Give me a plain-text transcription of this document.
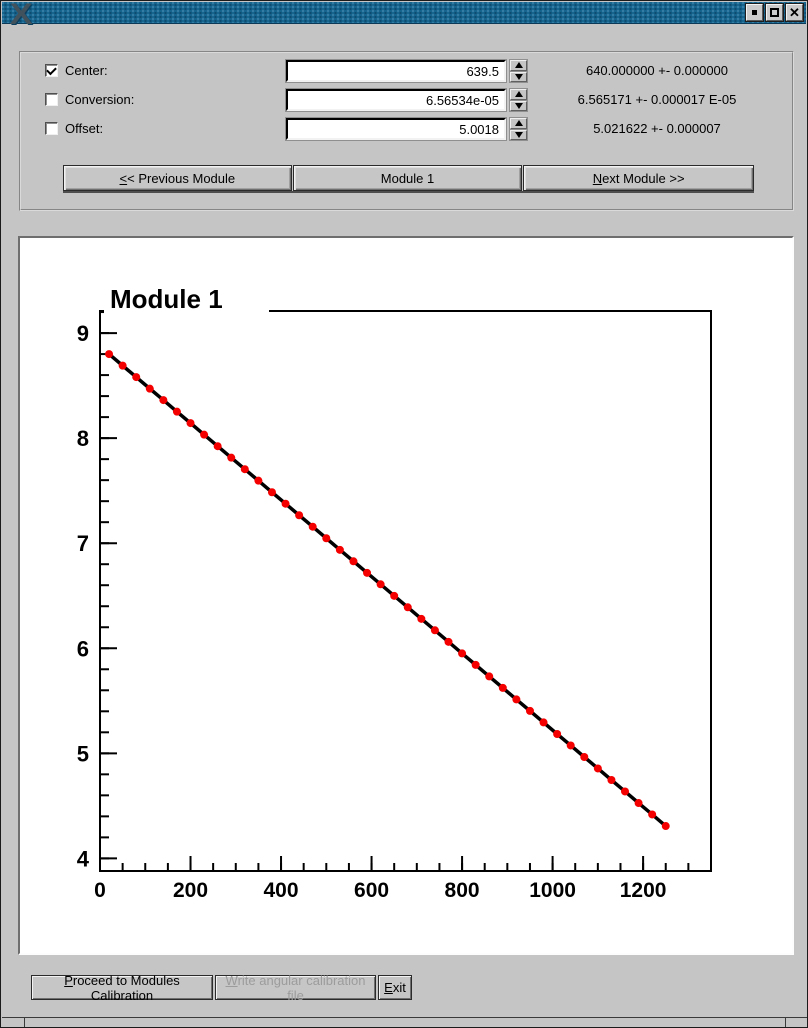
X	✕
Center:
639.5	640.000000 +- 0.000000
Conversion:
6.56534e-05	6.565171 +- 0.000017 E-05
Offset:
5.0018	5.021622 +- 0.000007
<< Previous Module	Module 1	Next Module >>
0	200	400	600	800 1000 1200
4
5
6
7
8
9
Module 1
Proceed to Modules Calibration
Write angular calibration file	Exit
